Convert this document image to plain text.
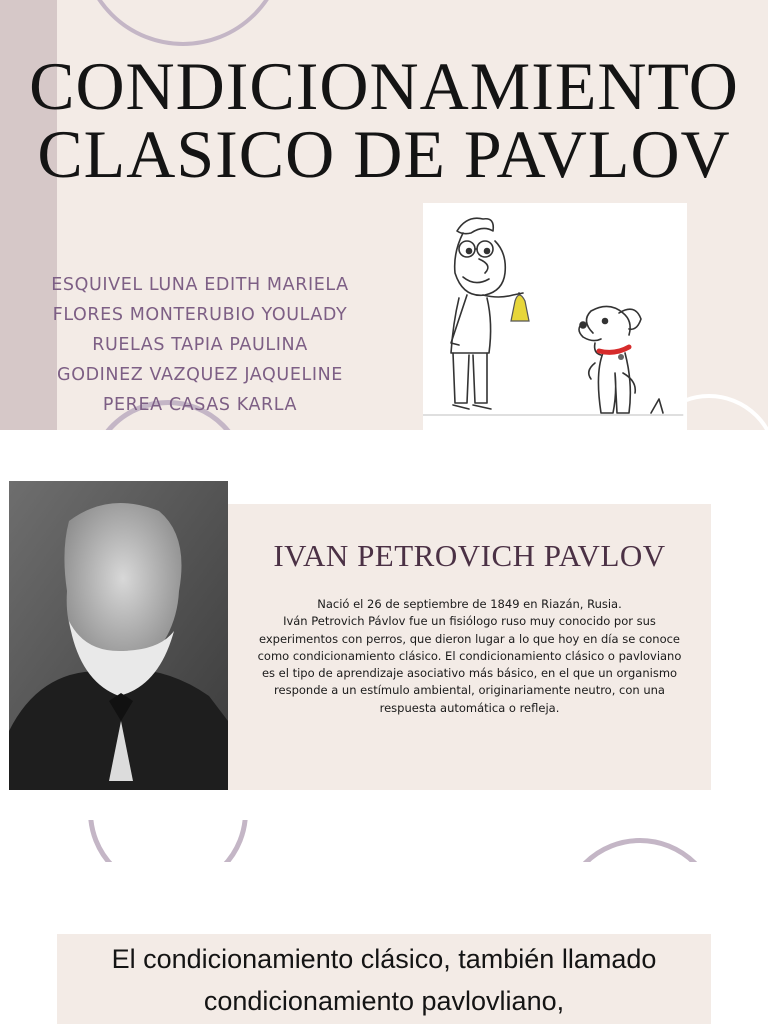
CONDICIONAMIENTO
CLASICO DE PAVLOV
ESQUIVEL LUNA EDITH MARIELA
FLORES MONTERUBIO YOULADY
RUELAS TAPIA PAULINA
GODINEZ VAZQUEZ JAQUELINE
PEREA CASAS KARLA
IVAN PETROVICH PAVLOV

Nació el 26 de septiembre de 1849 en Riazán, Rusia.

Iván Petrovich Pávlov fue un fisiólogo ruso muy conocido por sus experimentos con perros, que dieron lugar a lo que hoy en día se conoce como condicionamiento clásico. El condicionamiento clásico o pavloviano es el tipo de aprendizaje asociativo más básico, en el que un organismo responde a un estímulo ambiental, originariamente neutro, con una respuesta automática o refleja.

El condicionamiento clásico, también llamado
condicionamiento pavlovliano,
